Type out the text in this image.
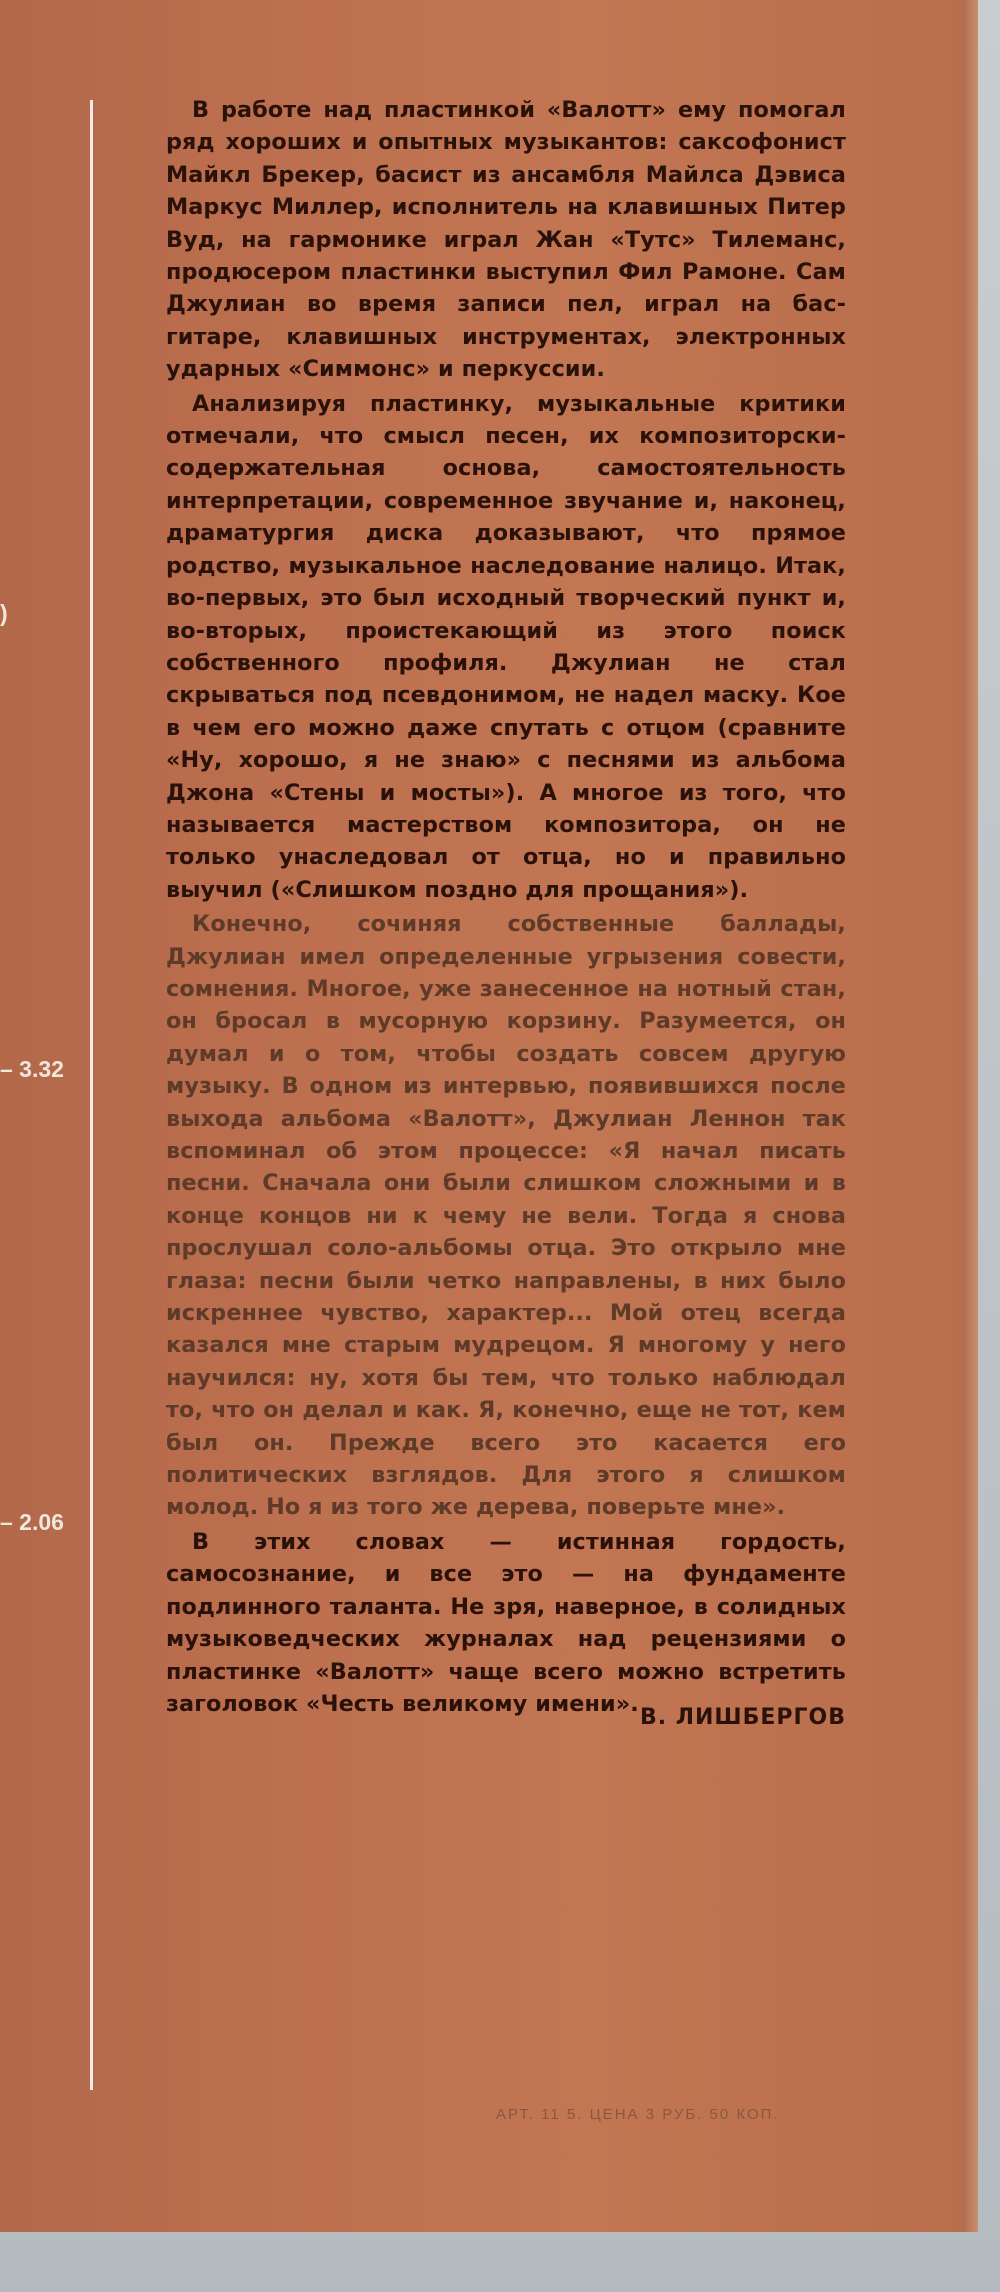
)
– 3.32
– 2.06

В работе над пластинкой «Валотт» ему помогал ряд хороших и опытных музыкантов: саксофонист Майкл Брекер, басист из ансамбля Майлса Дэвиса Маркус Миллер, исполнитель на клавишных Питер Вуд, на гармонике играл Жан «Тутс» Тилеманс, продюсером пластинки выступил Фил Рамоне. Сам Джулиан во время записи пел, играл на бас-гитаре, клавишных инструментах, электронных ударных «Симмонс» и перкуссии.

Анализируя пластинку, музыкальные критики отмечали, что смысл песен, их композиторски-содержательная основа, самостоятельность интерпретации, современное звучание и, наконец, драматургия диска доказывают, что прямое родство, музыкальное наследование налицо. Итак, во-первых, это был исходный творческий пункт и, во-вторых, проистекающий из этого поиск собственного профиля. Джулиан не стал скрываться под псевдонимом, не надел маску. Кое в чем его можно даже спутать с отцом (сравните «Ну, хорошо, я не знаю» с песнями из альбома Джона «Стены и мосты»). А многое из того, что называется мастерством композитора, он не только унаследовал от отца, но и правильно выучил («Слишком поздно для прощания»).

Конечно, сочиняя собственные баллады, Джулиан имел определенные угрызения совести, сомнения. Многое, уже занесенное на нотный стан, он бросал в мусорную корзину. Разумеется, он думал и о том, чтобы создать совсем другую музыку. В одном из интервью, появившихся после выхода альбома «Валотт», Джулиан Леннон так вспоминал об этом процессе: «Я начал писать песни. Сначала они были слишком сложными и в конце концов ни к чему не вели. Тогда я снова прослушал соло-альбомы отца. Это открыло мне глаза: песни были четко направлены, в них было искреннее чувство, характер... Мой отец всегда казался мне старым мудрецом. Я многому у него научился: ну, хотя бы тем, что только наблюдал то, что он делал и как. Я, конечно, еще не тот, кем был он. Прежде всего это касается его политических взглядов. Для этого я слишком молод. Но я из того же дерева, поверьте мне».

В этих словах — истинная гордость, самосознание, и все это — на фундаменте подлинного таланта. Не зря, наверное, в солидных музыковедческих журналах над рецензиями о пластинке «Валотт» чаще всего можно встретить заголовок «Честь великому имени».

В. ЛИШБЕРГОВ
АРТ. 11 5. ЦЕНА 3 РУБ. 50 КОП.
